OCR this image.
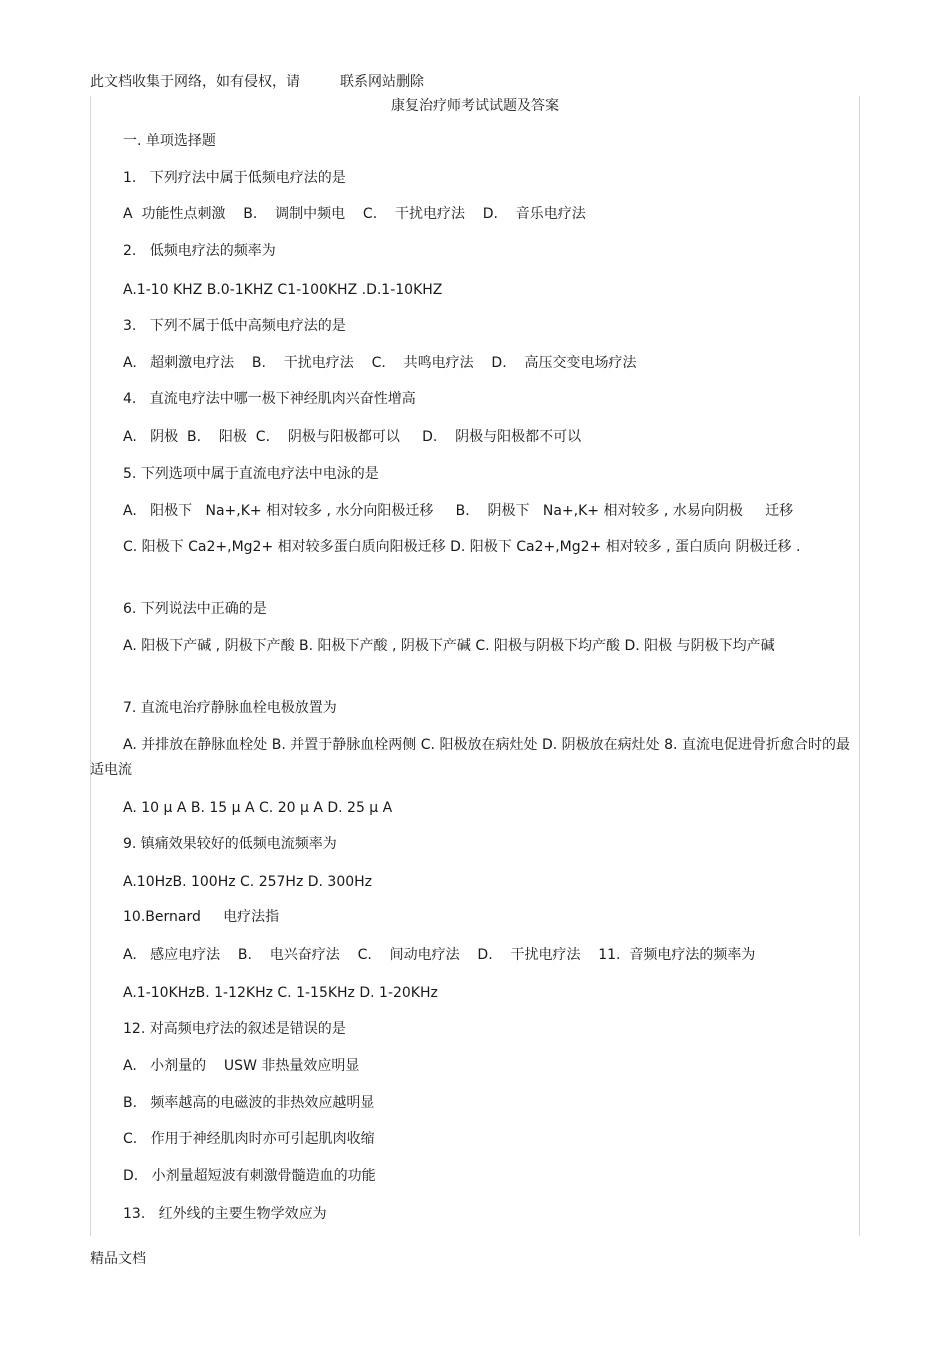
此文档收集于网络，如有侵权，请         联系网站删除
康复治疗师考试试题及答案
一. 单项选择题
1.   下列疗法中属于低频电疗法的是
A  功能性点刺激    B.    调制中频电    C.    干扰电疗法    D.    音乐电疗法
2.   低频电疗法的频率为
A.1-10 KHZ B.0-1KHZ C1-100KHZ .D.1-10KHZ
3.   下列不属于低中高频电疗法的是
A.   超刺激电疗法    B.    干扰电疗法    C.    共鸣电疗法    D.    高压交变电场疗法
4.   直流电疗法中哪一极下神经肌肉兴奋性增高
A.   阴极  B.    阳极  C.    阴极与阳极都可以     D.    阴极与阳极都不可以
5. 下列选项中属于直流电疗法中电泳的是
A.   阳极下   Na+,K+ 相对较多 , 水分向阳极迁移     B.    阴极下   Na+,K+ 相对较多 , 水易向阴极     迁移
C. 阳极下 Ca2+,Mg2+ 相对较多蛋白质向阳极迁移 D. 阳极下 Ca2+,Mg2+ 相对较多 , 蛋白质向 阴极迁移 .
6. 下列说法中正确的是
A. 阳极下产碱 , 阴极下产酸 B. 阳极下产酸 , 阴极下产碱 C. 阳极与阴极下均产酸 D. 阳极 与阴极下均产碱
7. 直流电治疗静脉血栓电极放置为
A. 并排放在静脉血栓处 B. 并置于静脉血栓两侧 C. 阳极放在病灶处 D. 阴极放在病灶处 8. 直流电促进骨折愈合时的最适电流
A. 10 μ A B. 15 μ A C. 20 μ A D. 25 μ A
9. 镇痛效果较好的低频电流频率为
A.10HzB. 100Hz C. 257Hz D. 300Hz
10.Bernard     电疗法指
A.   感应电疗法    B.    电兴奋疗法    C.    间动电疗法    D.    干扰电疗法    11.  音频电疗法的频率为
A.1-10KHzB. 1-12KHz C. 1-15KHz D. 1-20KHz
12. 对高频电疗法的叙述是错误的是
A.   小剂量的    USW 非热量效应明显
B.   频率越高的电磁波的非热效应越明显
C.   作用于神经肌肉时亦可引起肌肉收缩
D.   小剂量超短波有刺激骨髓造血的功能
13.   红外线的主要生物学效应为
精品文档
